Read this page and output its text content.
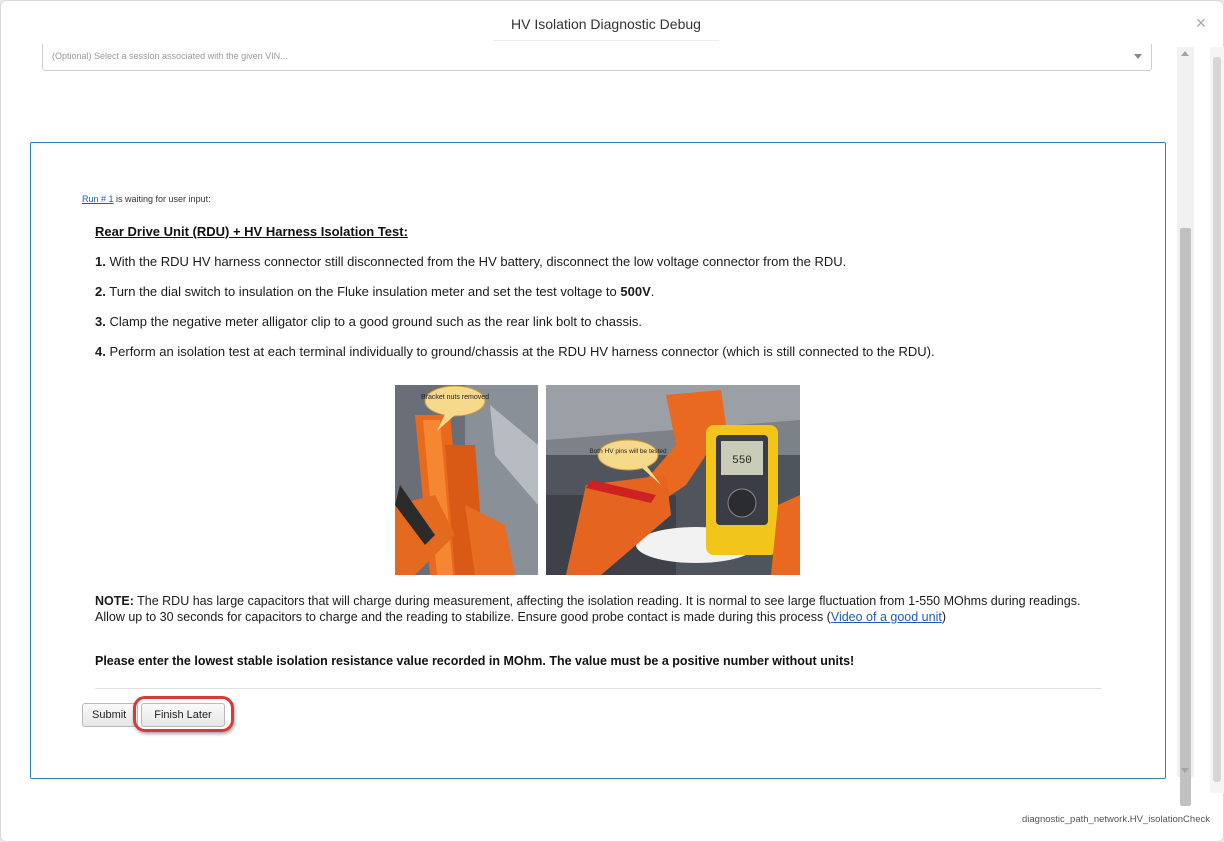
HV Isolation Diagnostic Debug	×
(Optional) Select a session associated with the given VIN...
Run # 1 is waiting for user input:
Rear Drive Unit (RDU) + HV Harness Isolation Test:
1. With the RDU HV harness connector still disconnected from the HV battery, disconnect the low voltage connector from the RDU.
2. Turn the dial switch to insulation on the Fluke insulation meter and set the test voltage to 500V.
3. Clamp the negative meter alligator clip to a good ground such as the rear link bolt to chassis.
4. Perform an isolation test at each terminal individually to ground/chassis at the RDU HV harness connector (which is still connected to the RDU).
Bracket nuts removed
550
Both HV pins will be tested
NOTE: The RDU has large capacitors that will charge during measurement, affecting the isolation reading. It is normal to see large fluctuation from 1-550 MOhms during readings. Allow up to 30 seconds for capacitors to charge and the reading to stabilize. Ensure good probe contact is made during this process (Video of a good unit)
Please enter the lowest stable isolation resistance value recorded in MOhm. The value must be a positive number without units!
Submit	Finish Later
diagnostic_path_network.HV_isolationCheck
